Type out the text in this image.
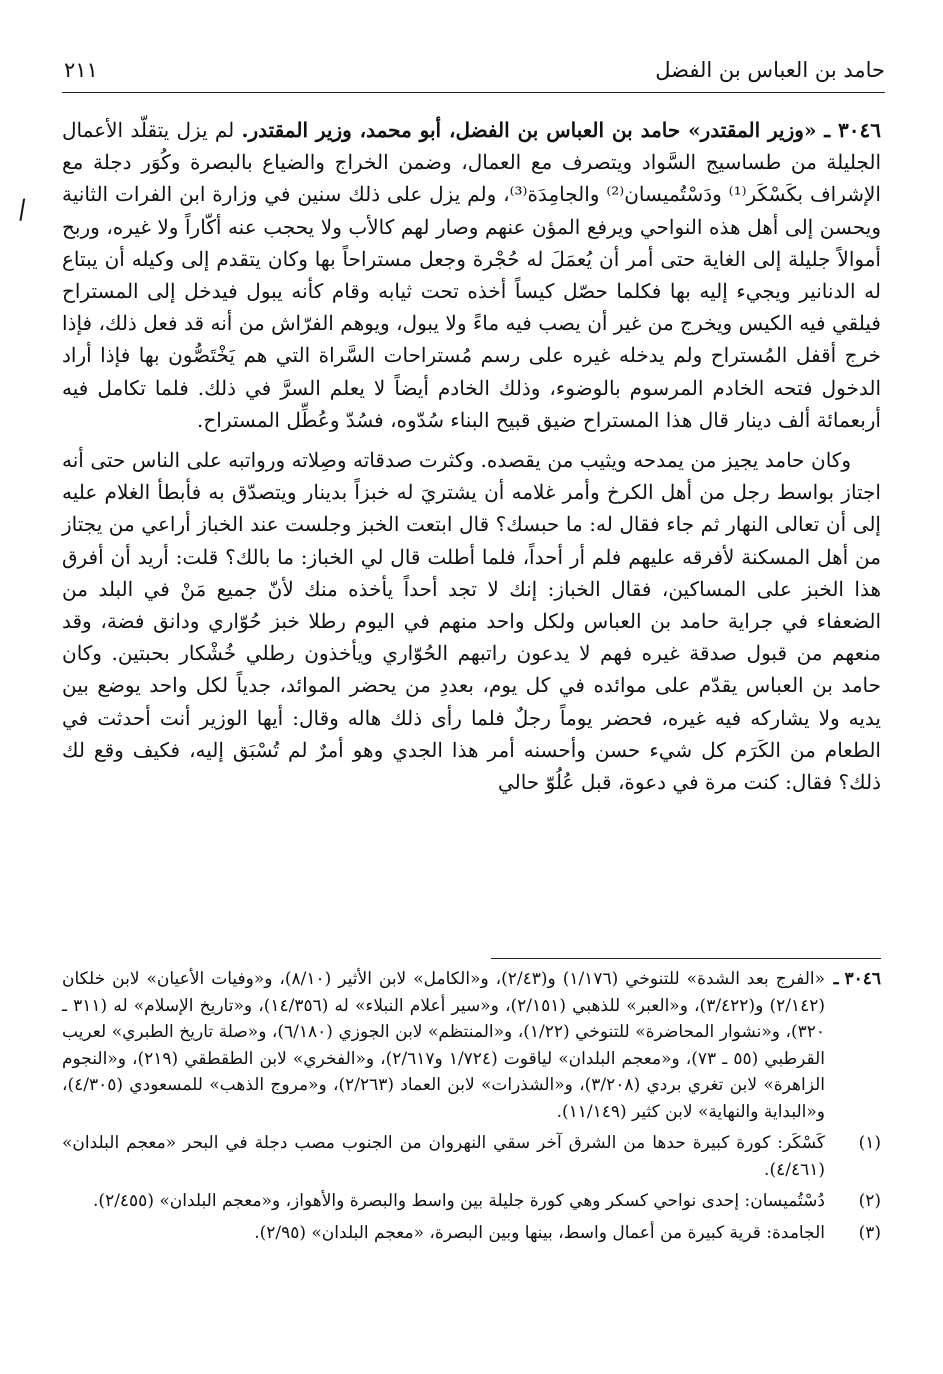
حامد بن العباس بن الفضل
٢١١
/

٣٠٤٦ ـ «وزير المقتدر» حامد بن العباس بن الفضل، أبو محمد، وزير المقتدر. لم يزل يتقلّد الأعمال الجليلة من طساسيج السَّواد ويتصرف مع العمال، وضمن الخراج والضياع بالبصرة وكُوَر دجلة مع الإشراف بكَسْكَر⁽¹⁾ ودَسْتُميسان⁽²⁾ والجامِدَة⁽³⁾، ولم يزل على ذلك سنين في وزارة ابن الفرات الثانية ويحسن إلى أهل هذه النواحي ويرفع المؤن عنهم وصار لهم كالأب ولا يحجب عنه أكّاراً ولا غيره، وربح أموالاً جليلة إلى الغاية حتى أمر أن يُعمَلَ له حُجْرة وجعل مستراحاً بها وكان يتقدم إلى وكيله أن يبتاع له الدنانير ويجيء إليه بها فكلما حصّل كيساً أخذه تحت ثيابه وقام كأنه يبول فيدخل إلى المستراح فيلقي فيه الكيس ويخرج من غير أن يصب فيه ماءً ولا يبول، ويوهم الفرّاش من أنه قد فعل ذلك، فإذا خرج أقفل المُستراح ولم يدخله غيره على رسم مُستراحات السَّراة التي هم يَخْتَصُّون بها فإذا أراد الدخول فتحه الخادم المرسوم بالوضوء، وذلك الخادم أيضاً لا يعلم السرَّ في ذلك. فلما تكامل فيه أربعمائة ألف دينار قال هذا المستراح ضيق قبيح البناء سُدّوه، فسُدّ وعُطِّل المستراح.

وكان حامد يجيز من يمدحه ويثيب من يقصده. وكثرت صدقاته وصِلاته ورواتبه على الناس حتى أنه اجتاز بواسط رجل من أهل الكرخ وأمر غلامه أن يشتريَ له خبزاً بدينار ويتصدّق به فأبطأ الغلام عليه إلى أن تعالى النهار ثم جاء فقال له: ما حبسك؟ قال ابتعت الخبز وجلست عند الخباز أراعي من يجتاز من أهل المسكنة لأفرقه عليهم فلم أر أحداً، فلما أطلت قال لي الخباز: ما بالك؟ قلت: أريد أن أفرق هذا الخبز على المساكين، فقال الخباز: إنك لا تجد أحداً يأخذه منك لأنّ جميع مَنْ في البلد من الضعفاء في جراية حامد بن العباس ولكل واحد منهم في اليوم رطلا خبز حُوّاري ودانق فضة، وقد منعهم من قبول صدقة غيره فهم لا يدعون راتبهم الحُوّاري ويأخذون رطلي خُشْكار بحبتين. وكان حامد بن العباس يقدّم على موائده في كل يوم، بعددِ من يحضر الموائد، جدياً لكل واحد يوضع بين يديه ولا يشاركه فيه غيره، فحضر يوماً رجلٌ فلما رأى ذلك هاله وقال: أيها الوزير أنت أحدثت في الطعام من الكَرَم كل شيء حسن وأحسنه أمر هذا الجدي وهو أمرٌ لم تُسْبَق إليه، فكيف وقع لك ذلك؟ فقال: كنت مرة في دعوة، قبل عُلُوّ حالي

٣٠٤٦ ـ
«الفرج بعد الشدة» للتنوخي (١/١٧٦) و(٢/٤٣)، و«الكامل» لابن الأثير (٨/١٠)، و«وفيات الأعيان» لابن خلكان (٢/١٤٢) و(٣/٤٢٢)، و«العبر» للذهبي (٢/١٥١)، و«سير أعلام النبلاء» له (١٤/٣٥٦)، و«تاريخ الإسلام» له (٣١١ ـ ٣٢٠)، و«نشوار المحاضرة» للتنوخي (١/٢٢)، و«المنتظم» لابن الجوزي (٦/١٨٠)، و«صلة تاريخ الطبري» لعريب القرطبي (٥٥ ـ ٧٣)، و«معجم البلدان» لياقوت (١/٧٢٤ و٢/٦١٧)، و«الفخري» لابن الطقطقي (٢١٩)، و«النجوم الزاهرة» لابن تغري بردي (٣/٢٠٨)، و«الشذرات» لابن العماد (٢/٢٦٣)، و«مروج الذهب» للمسعودي (٤/٣٠٥)، و«البداية والنهاية» لابن كثير (١١/١٤٩).
(١)
كَسْكَر: كورة كبيرة حدها من الشرق آخر سقي النهروان من الجنوب مصب دجلة في البحر «معجم البلدان» (٤/٤٦١).
(٢)
دُسْتُميسان: إحدى نواحي كسكر وهي كورة جليلة بين واسط والبصرة والأهواز، و«معجم البلدان» (٢/٤٥٥).
(٣)
الجامدة: قرية كبيرة من أعمال واسط، بينها وبين البصرة، «معجم البلدان» (٢/٩٥).
